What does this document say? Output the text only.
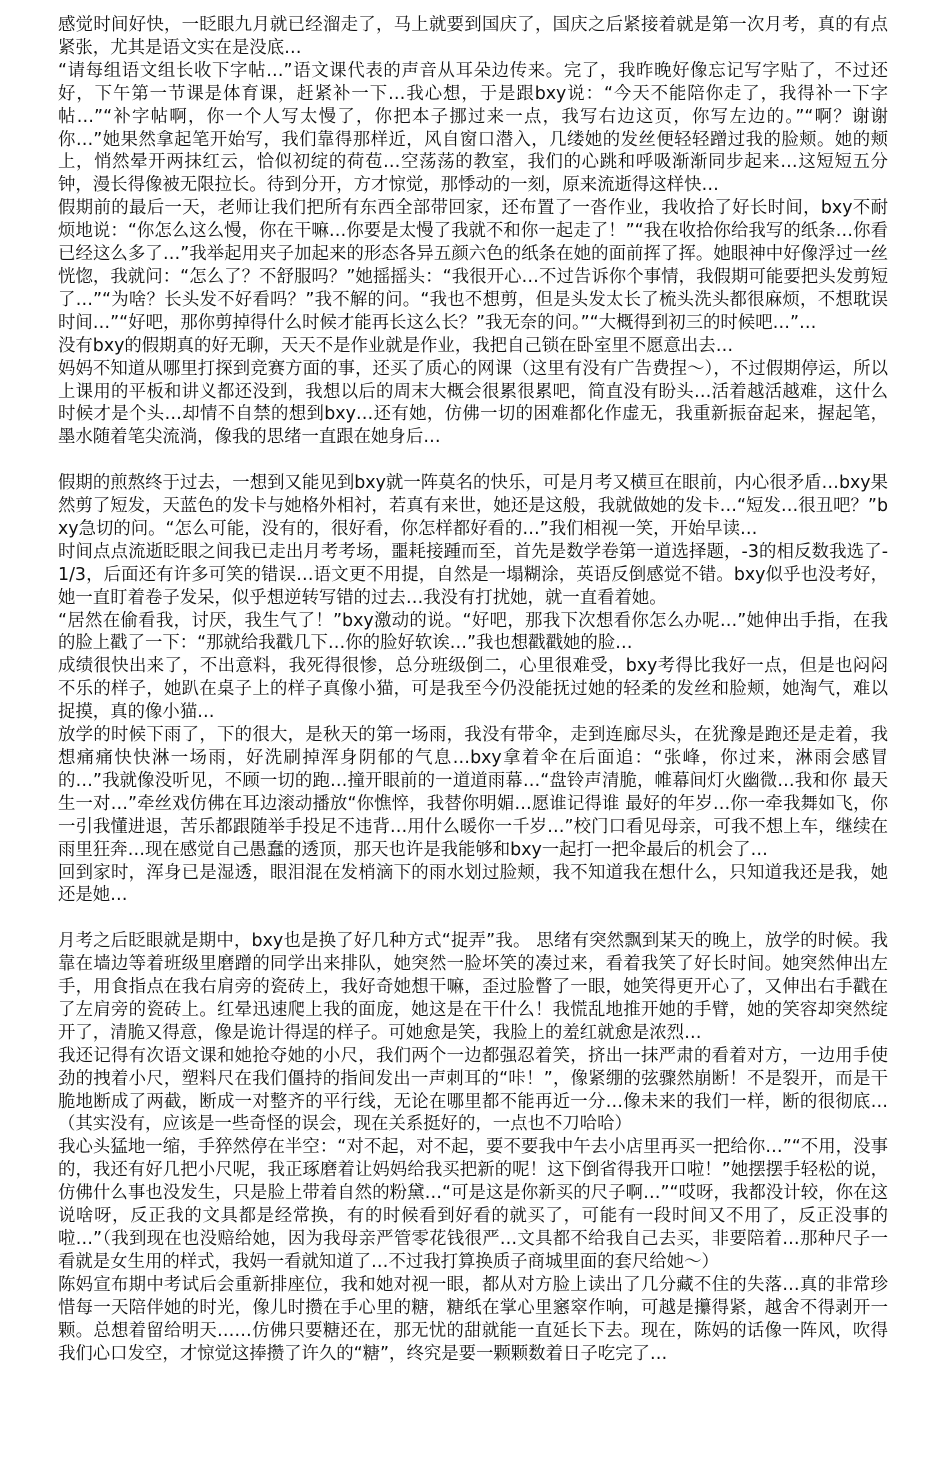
感觉时间好快，一眨眼九月就已经溜走了，马上就要到国庆了，国庆之后紧接着就是第一次月考，真的有点紧张，尤其是语文实在是没底…

“请每组语文组长收下字帖…”语文课代表的声音从耳朵边传来。完了，我昨晚好像忘记写字贴了，不过还好，下午第一节课是体育课，赶紧补一下…我心想，于是跟bxy说：“今天不能陪你走了，我得补一下字帖…”“补字帖啊，你一个人写太慢了，你把本子挪过来一点，我写右边这页，你写左边的。”“啊？谢谢你…”她果然拿起笔开始写，我们靠得那样近，风自窗口潜入，几缕她的发丝便轻轻蹭过我的脸颊。她的颊上，悄然晕开两抹红云，恰似初绽的荷苞…空荡荡的教室，我们的心跳和呼吸渐渐同步起来…这短短五分钟，漫长得像被无限拉长。待到分开，方才惊觉，那悸动的一刻，原来流逝得这样快…

假期前的最后一天，老师让我们把所有东西全部带回家，还布置了一沓作业，我收拾了好长时间，bxy不耐烦地说：“你怎么这么慢，你在干嘛…你要是太慢了我就不和你一起走了！”“我在收拾你给我写的纸条…你看已经这么多了…”我举起用夹子加起来的形态各异五颜六色的纸条在她的面前挥了挥。她眼神中好像浮过一丝恍惚，我就问：“怎么了？不舒服吗？”她摇摇头：“我很开心…不过告诉你个事情，我假期可能要把头发剪短了…”“为啥？长头发不好看吗？”我不解的问。“我也不想剪，但是头发太长了梳头洗头都很麻烦，不想耽误时间…”“好吧，那你剪掉得什么时候才能再长这么长？”我无奈的问。”“大概得到初三的时候吧…”…

没有bxy的假期真的好无聊，天天不是作业就是作业，我把自己锁在卧室里不愿意出去…

妈妈不知道从哪里打探到竞赛方面的事，还买了质心的网课（这里有没有广告费捏～），不过假期停运，所以上课用的平板和讲义都还没到，我想以后的周末大概会很累很累吧，简直没有盼头…活着越活越难，这什么时候才是个头…却情不自禁的想到bxy…还有她，仿佛一切的困难都化作虚无，我重新振奋起来，握起笔，墨水随着笔尖流淌，像我的思绪一直跟在她身后…

假期的煎熬终于过去，一想到又能见到bxy就一阵莫名的快乐，可是月考又横亘在眼前，内心很矛盾…bxy果然剪了短发，天蓝色的发卡与她格外相衬，若真有来世，她还是这般，我就做她的发卡…“短发…很丑吧？”bxy急切的问。“怎么可能，没有的，很好看，你怎样都好看的…”我们相视一笑，开始早读…

时间点点流逝眨眼之间我已走出月考考场，噩耗接踵而至，首先是数学卷第一道选择题，-3的相反数我选了-1/3，后面还有许多可笑的错误…语文更不用提，自然是一塌糊涂，英语反倒感觉不错。bxy似乎也没考好，她一直盯着卷子发呆，似乎想逆转写错的过去…我没有打扰她，就一直看着她。

“居然在偷看我，讨厌，我生气了！”bxy激动的说。“好吧，那我下次想看你怎么办呢…”她伸出手指，在我的脸上戳了一下：“那就给我戳几下…你的脸好软诶…”我也想戳戳她的脸…

成绩很快出来了，不出意料，我死得很惨，总分班级倒二，心里很难受，bxy考得比我好一点，但是也闷闷不乐的样子，她趴在桌子上的样子真像小猫，可是我至今仍没能抚过她的轻柔的发丝和脸颊，她淘气，难以捉摸，真的像小猫…

放学的时候下雨了，下的很大，是秋天的第一场雨，我没有带伞，走到连廊尽头，在犹豫是跑还是走着，我想痛痛快快淋一场雨，好洗刷掉浑身阴郁的气息…bxy拿着伞在后面追：“张峰，你过来，淋雨会感冒的…”我就像没听见，不顾一切的跑…撞开眼前的一道道雨幕…“盘铃声清脆，帷幕间灯火幽微…我和你 最天生一对…”牵丝戏仿佛在耳边滚动播放“你憔悴，我替你明媚…愿谁记得谁 最好的年岁…你一牵我舞如飞，你一引我懂进退，苦乐都跟随举手投足不违背…用什么暖你一千岁…”校门口看见母亲，可我不想上车，继续在雨里狂奔…现在感觉自己愚蠢的透顶，那天也许是我能够和bxy一起打一把伞最后的机会了…

回到家时，浑身已是湿透，眼泪混在发梢滴下的雨水划过脸颊，我不知道我在想什么，只知道我还是我，她还是她…

月考之后眨眼就是期中，bxy也是换了好几种方式“捉弄”我。 思绪有突然飘到某天的晚上，放学的时候。我靠在墙边等着班级里磨蹭的同学出来排队，她突然一脸坏笑的凑过来，看着我笑了好长时间。她突然伸出左手，用食指点在我右肩旁的瓷砖上，我好奇她想干嘛，歪过脸瞥了一眼，她笑得更开心了，又伸出右手戳在了左肩旁的瓷砖上。红晕迅速爬上我的面庞，她这是在干什么！我慌乱地推开她的手臂，她的笑容却突然绽开了，清脆又得意，像是诡计得逞的样子。可她愈是笑，我脸上的羞红就愈是浓烈…

我还记得有次语文课和她抢夺她的小尺，我们两个一边都强忍着笑，挤出一抹严肃的看着对方，一边用手使劲的拽着小尺，塑料尺在我们僵持的指间发出一声刺耳的“咔！”，像紧绷的弦骤然崩断！不是裂开，而是干脆地断成了两截，断成一对整齐的平行线，无论在哪里都不能再近一分…像未来的我们一样，断的很彻底…（其实没有，应该是一些奇怪的误会，现在关系挺好的，一点也不刀哈哈）

我心头猛地一缩，手猝然停在半空：“对不起，对不起，要不要我中午去小店里再买一把给你…”“不用，没事的，我还有好几把小尺呢，我正琢磨着让妈妈给我买把新的呢！这下倒省得我开口啦！”她摆摆手轻松的说，仿佛什么事也没发生，只是脸上带着自然的粉黛…“可是这是你新买的尺子啊…”“哎呀，我都没计较，你在这说啥呀，反正我的文具都是经常换，有的时候看到好看的就买了，可能有一段时间又不用了，反正没事的啦…”（我到现在也没赔给她，因为我母亲严管零花钱很严…文具都不给我自己去买，非要陪着…那种尺子一看就是女生用的样式，我妈一看就知道了…不过我打算换质子商城里面的套尺给她～）

陈妈宣布期中考试后会重新排座位，我和她对视一眼，都从对方脸上读出了几分藏不住的失落…真的非常珍惜每一天陪伴她的时光，像儿时攒在手心里的糖，糖纸在掌心里窸窣作响，可越是攥得紧，越舍不得剥开一颗。总想着留给明天……仿佛只要糖还在，那无忧的甜就能一直延长下去。现在，陈妈的话像一阵风，吹得我们心口发空，才惊觉这捧攒了许久的“糖”，终究是要一颗颗数着日子吃完了…
